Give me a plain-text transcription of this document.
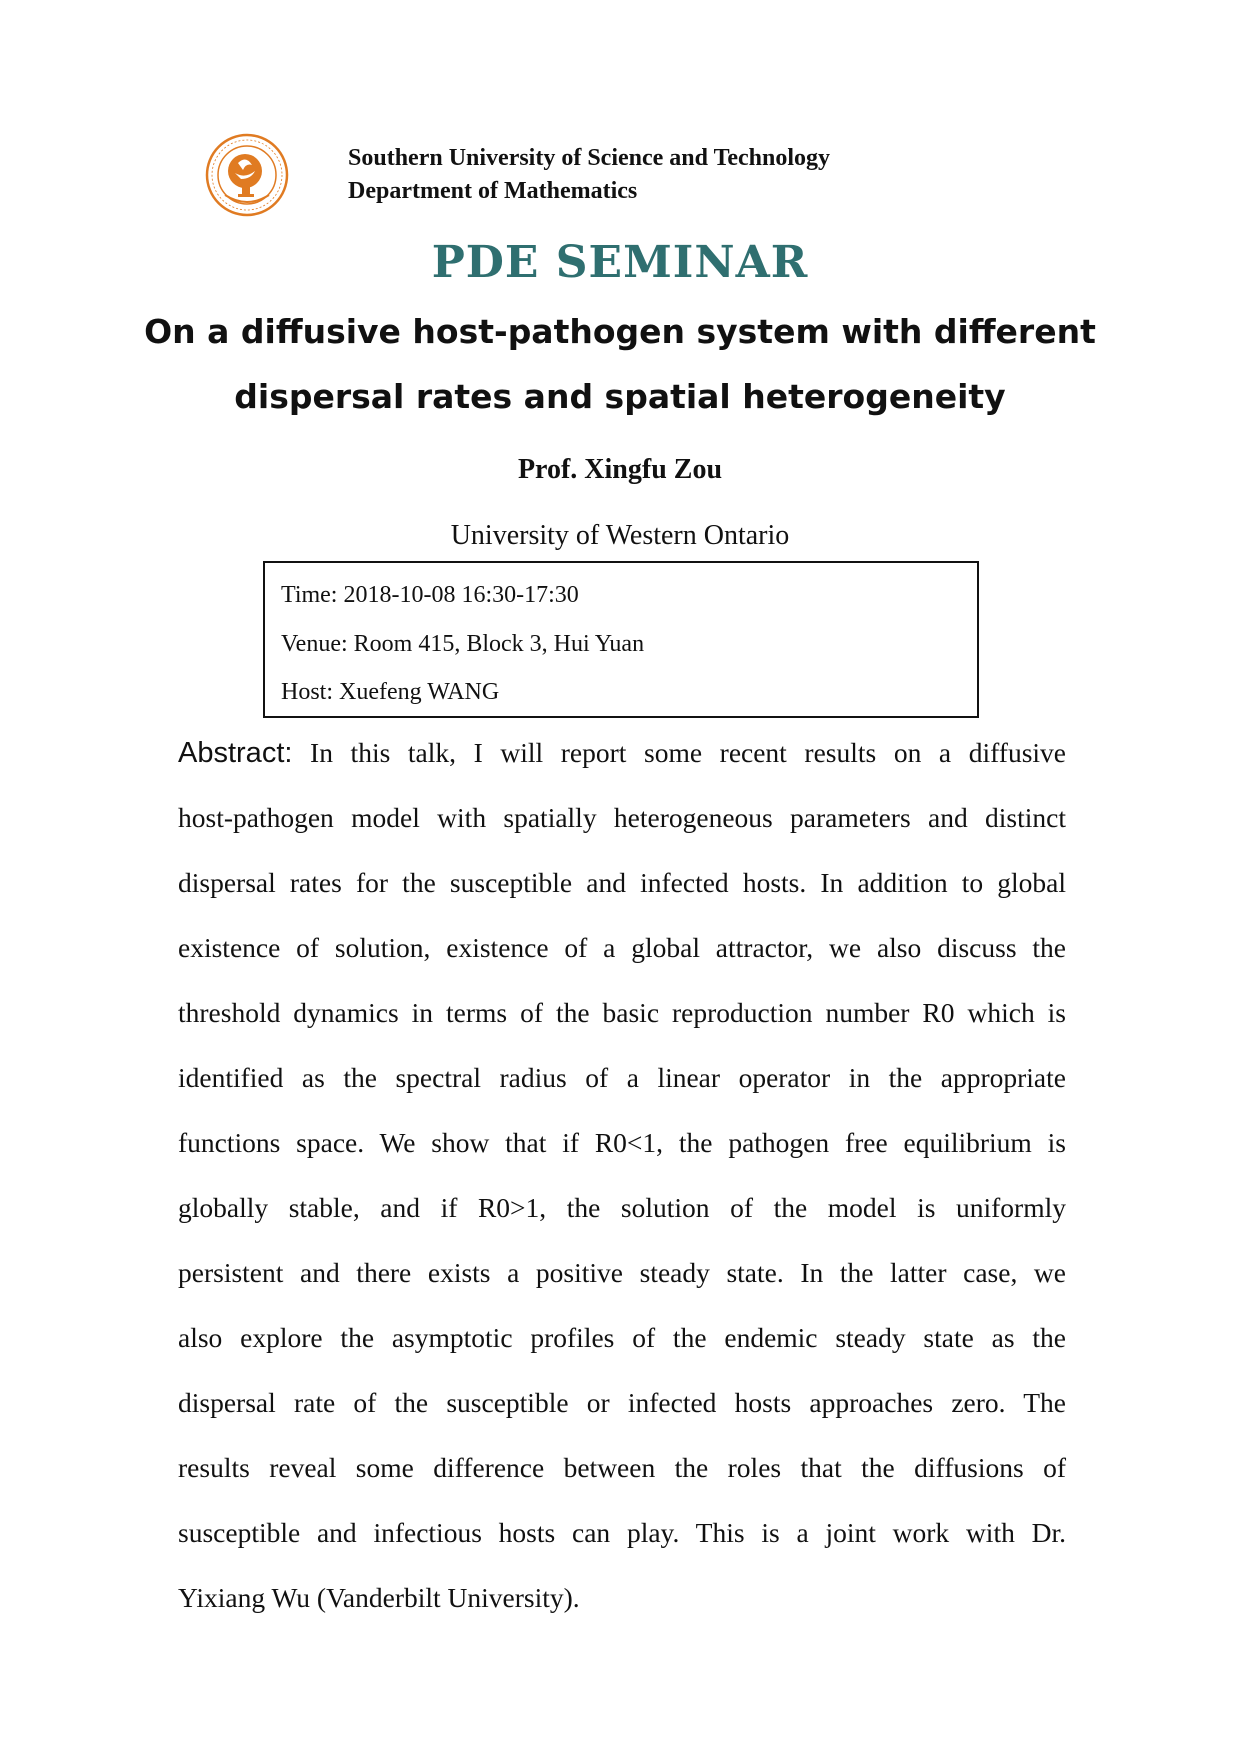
Southern University of Science and Technology
Department of Mathematics
PDE SEMINAR
On a diffusive host-pathogen system with different
dispersal rates and spatial heterogeneity
Prof. Xingfu Zou
University of Western Ontario
Time: 2018-10-08 16:30-17:30
Venue: Room 415, Block 3, Hui Yuan
Host: Xuefeng WANG
Abstract: In this talk, I will report some recent results on a diffusive
host-pathogen model with spatially heterogeneous parameters and distinct
dispersal rates for the susceptible and infected hosts. In addition to global
existence of solution, existence of a global attractor, we also discuss the
threshold dynamics in terms of the basic reproduction number R0 which is
identified as the spectral radius of a linear operator in the appropriate
functions space. We show that if R0<1, the pathogen free equilibrium is
globally stable, and if R0>1, the solution of the model is uniformly
persistent and there exists a positive steady state. In the latter case, we
also explore the asymptotic profiles of the endemic steady state as the
dispersal rate of the susceptible or infected hosts approaches zero. The
results reveal some difference between the roles that the diffusions of
susceptible and infectious hosts can play. This is a joint work with Dr.
Yixiang Wu (Vanderbilt University).
